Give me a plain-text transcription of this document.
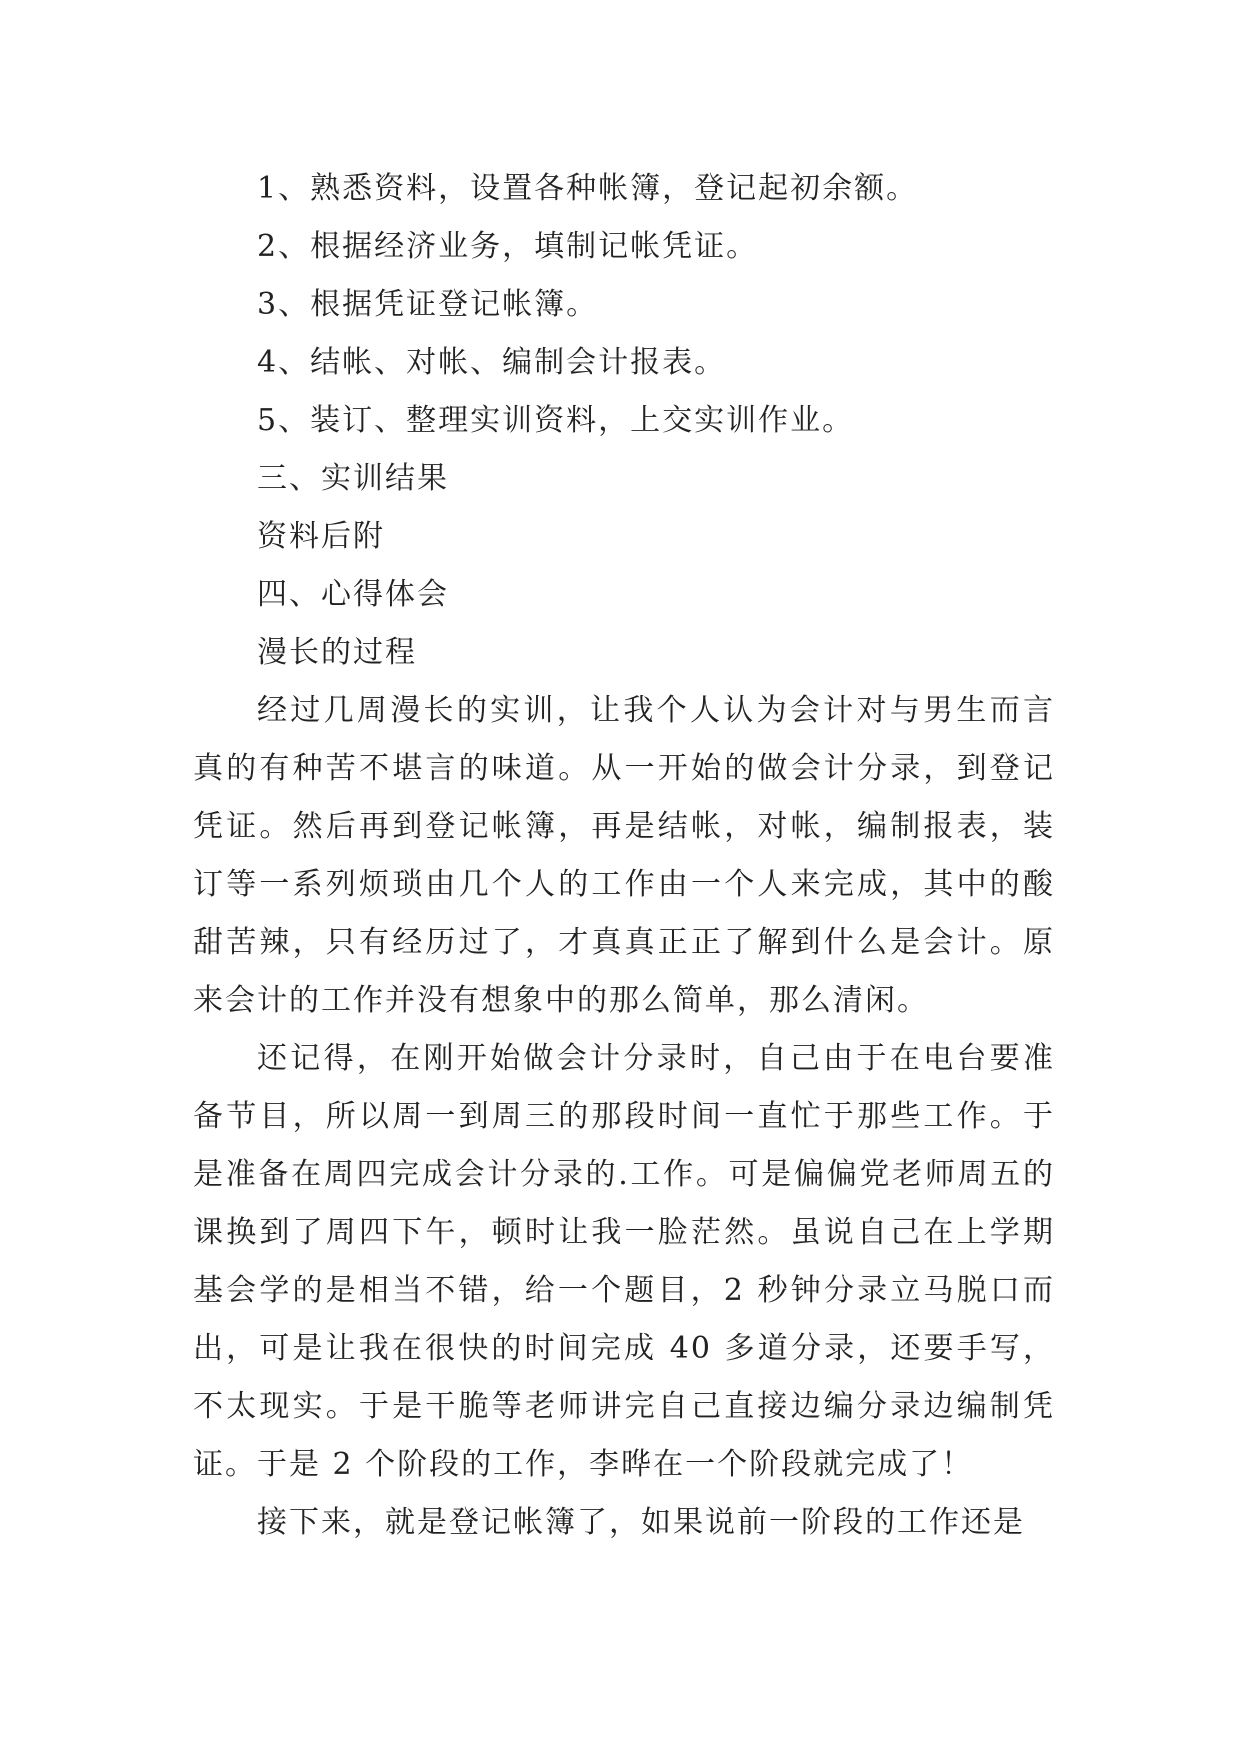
1、熟悉资料，设置各种帐簿，登记起初余额。
2、根据经济业务，填制记帐凭证。
3、根据凭证登记帐簿。
4、结帐、对帐、编制会计报表。
5、装订、整理实训资料，上交实训作业。
三、实训结果
资料后附
四、心得体会
漫长的过程

经过几周漫长的实训，让我个人认为会计对与男生而言真的有种苦不堪言的味道。从一开始的做会计分录，到登记凭证。然后再到登记帐簿，再是结帐，对帐，编制报表，装订等一系列烦琐由几个人的工作由一个人来完成，其中的酸甜苦辣，只有经历过了，才真真正正了解到什么是会计。原来会计的工作并没有想象中的那么简单，那么清闲。

还记得，在刚开始做会计分录时，自己由于在电台要准备节目，所以周一到周三的那段时间一直忙于那些工作。于是准备在周四完成会计分录的.工作。可是偏偏党老师周五的课换到了周四下午，顿时让我一脸茫然。虽说自己在上学期基会学的是相当不错，给一个题目，2 秒钟分录立马脱口而出，可是让我在很快的时间完成 40 多道分录，还要手写，不太现实。于是干脆等老师讲完自己直接边编分录边编制凭证。于是 2 个阶段的工作，李晔在一个阶段就完成了！

接下来，就是登记帐簿了，如果说前一阶段的工作还是
